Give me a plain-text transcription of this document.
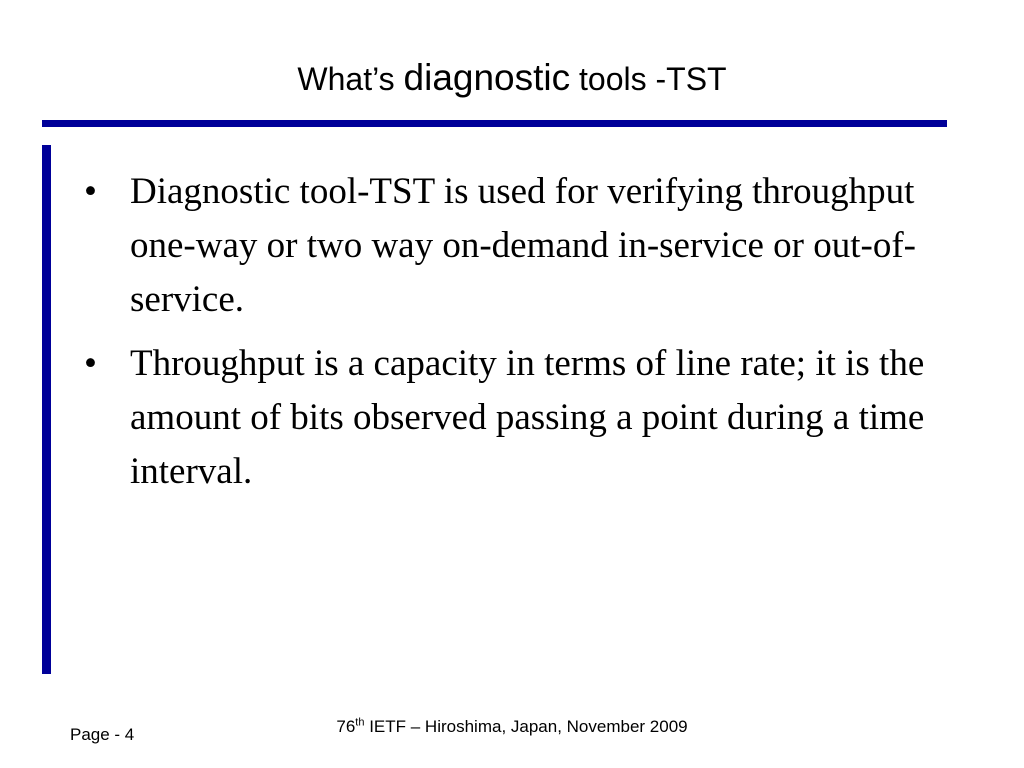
What’s diagnostic tools -TST
• Diagnostic tool-TST is used for verifying throughput one-way or two way on-demand in-service or out-of-service.
• Throughput is a capacity in terms of line rate; it is the amount of bits observed passing a point during a time interval.
Page - 4	76th IETF – Hiroshima, Japan, November 2009
